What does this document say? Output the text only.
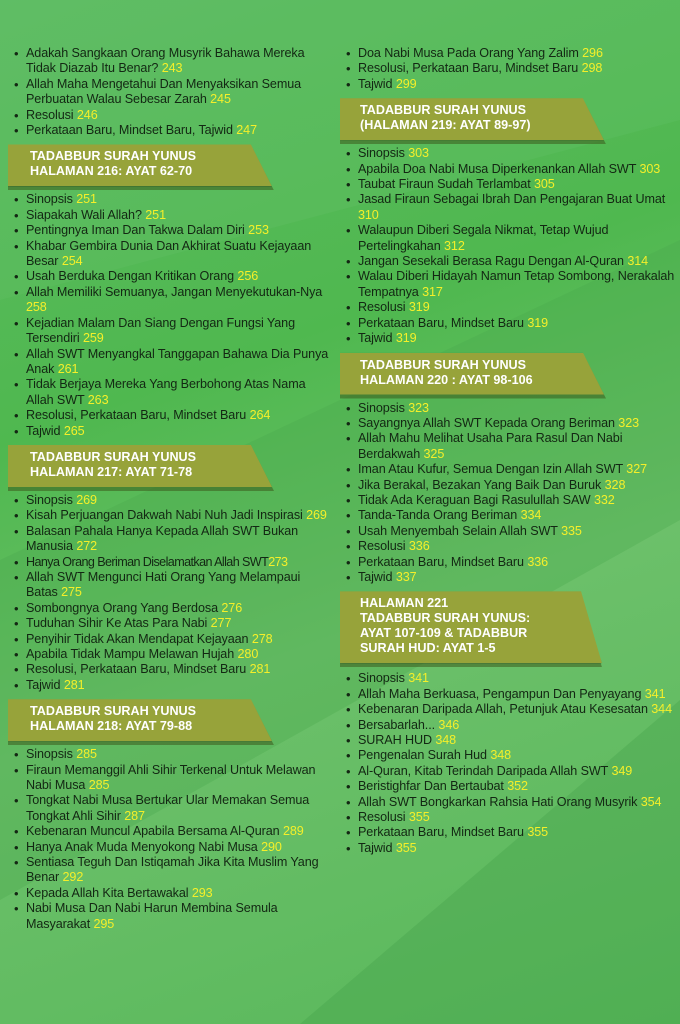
• Adakah Sangkaan Orang Musyrik Bahawa Mereka Tidak Diazab Itu Benar? 243
• Allah Maha Mengetahui Dan Menyaksikan Semua Perbuatan Walau Sebesar Zarah 245
• Resolusi 246
• Perkataan Baru, Mindset Baru, Tajwid 247
TADABBUR SURAH YUNUS
HALAMAN 216: AYAT 62-70
• Sinopsis 251
• Siapakah Wali Allah? 251
• Pentingnya Iman Dan Takwa Dalam Diri 253
• Khabar Gembira Dunia Dan Akhirat Suatu Kejayaan Besar 254
• Usah Berduka Dengan Kritikan Orang 256
• Allah Memiliki Semuanya, Jangan Menyekutukan-Nya 258
• Kejadian Malam Dan Siang Dengan Fungsi Yang Tersendiri 259
• Allah SWT Menyangkal Tanggapan Bahawa Dia Punya Anak 261
• Tidak Berjaya Mereka Yang Berbohong Atas Nama Allah SWT 263
• Resolusi, Perkataan Baru, Mindset Baru 264
• Tajwid 265
TADABBUR SURAH YUNUS
HALAMAN 217: AYAT 71-78
• Sinopsis 269
• Kisah Perjuangan Dakwah Nabi Nuh Jadi Inspirasi 269
• Balasan Pahala Hanya Kepada Allah SWT Bukan Manusia 272
• Hanya Orang Beriman Diselamatkan Allah SWT273
• Allah SWT Mengunci Hati Orang Yang Melampaui Batas 275
• Sombongnya Orang Yang Berdosa 276
• Tuduhan Sihir Ke Atas Para Nabi 277
• Penyihir Tidak Akan Mendapat Kejayaan 278
• Apabila Tidak Mampu Melawan Hujah 280
• Resolusi, Perkataan Baru, Mindset Baru 281
• Tajwid 281
TADABBUR SURAH YUNUS
HALAMAN 218: AYAT 79-88
• Sinopsis 285
• Firaun Memanggil Ahli Sihir Terkenal Untuk Melawan Nabi Musa 285
• Tongkat Nabi Musa Bertukar Ular Memakan Semua Tongkat Ahli Sihir 287
• Kebenaran Muncul Apabila Bersama Al-Quran 289
• Hanya Anak Muda Menyokong Nabi Musa 290
• Sentiasa Teguh Dan Istiqamah Jika Kita Muslim Yang Benar 292
• Kepada Allah Kita Bertawakal 293
• Nabi Musa Dan Nabi Harun Membina Semula Masyarakat 295
• Doa Nabi Musa Pada Orang Yang Zalim 296
• Resolusi, Perkataan Baru, Mindset Baru 298
• Tajwid 299
TADABBUR SURAH YUNUS
(HALAMAN 219: AYAT 89-97)
• Sinopsis 303
• Apabila Doa Nabi Musa Diperkenankan Allah SWT 303
• Taubat Firaun Sudah Terlambat 305
• Jasad Firaun Sebagai Ibrah Dan Pengajaran Buat Umat 310
• Walaupun Diberi Segala Nikmat, Tetap Wujud Pertelingkahan 312
• Jangan Sesekali Berasa Ragu Dengan Al-Quran 314
• Walau Diberi Hidayah Namun Tetap Sombong, Nerakalah Tempatnya 317
• Resolusi 319
• Perkataan Baru, Mindset Baru 319
• Tajwid 319
TADABBUR SURAH YUNUS
HALAMAN 220 : AYAT 98-106
• Sinopsis 323
• Sayangnya Allah SWT Kepada Orang Beriman 323
• Allah Mahu Melihat Usaha Para Rasul Dan Nabi Berdakwah 325
• Iman Atau Kufur, Semua Dengan Izin Allah SWT 327
• Jika Berakal, Bezakan Yang Baik Dan Buruk 328
• Tidak Ada Keraguan Bagi Rasulullah SAW 332
• Tanda-Tanda Orang Beriman 334
• Usah Menyembah Selain Allah SWT 335
• Resolusi 336
• Perkataan Baru, Mindset Baru 336
• Tajwid 337
HALAMAN 221
TADABBUR SURAH YUNUS:
AYAT 107-109 & TADABBUR
SURAH HUD: AYAT 1-5
• Sinopsis 341
• Allah Maha Berkuasa, Pengampun Dan Penyayang 341
• Kebenaran Daripada Allah, Petunjuk Atau Kesesatan 344
• Bersabarlah... 346
• SURAH HUD 348
• Pengenalan Surah Hud 348
• Al-Quran, Kitab Terindah Daripada Allah SWT 349
• Beristighfar Dan Bertaubat 352
• Allah SWT Bongkarkan Rahsia Hati Orang Musyrik 354
• Resolusi 355
• Perkataan Baru, Mindset Baru 355
• Tajwid 355
